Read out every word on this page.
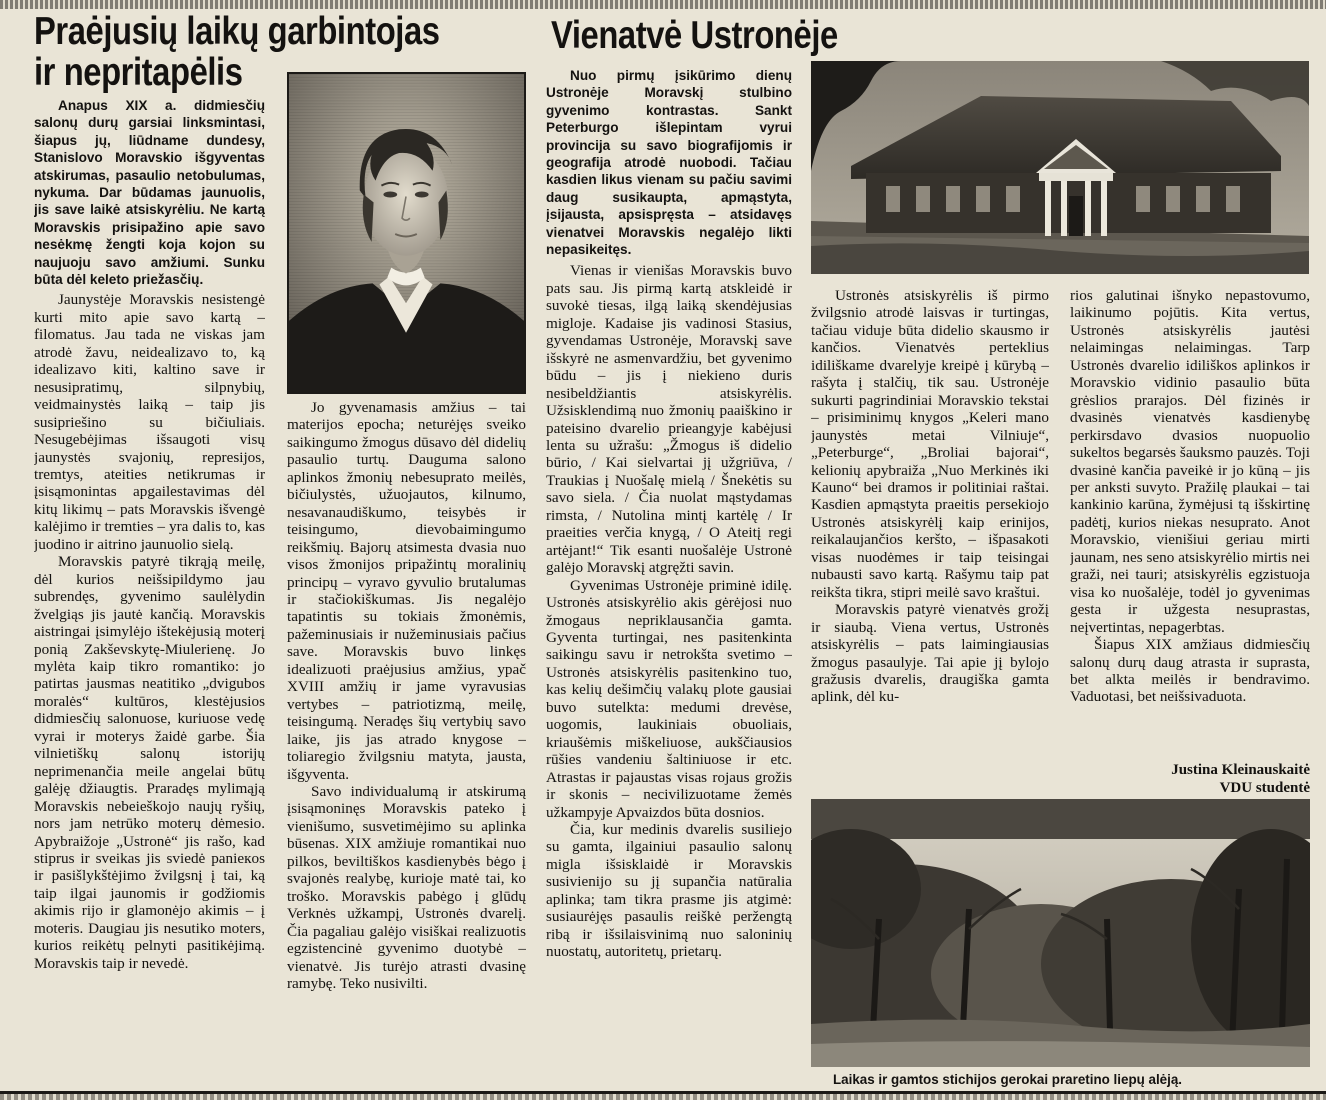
Praėjusių laikų garbintojas
ir nepritapėlis
Vienatvė Ustronėje

Anapus XIX a. didmiesčių salonų durų garsiai linksmintasi, šiapus jų, liūdname dundesy, Stanislovo Moravskio išgyventas atskirumas, pasaulio netobulumas, nykuma. Dar būdamas jaunuolis, jis save laikė atsiskyrėliu. Ne kartą Moravskis prisipažino apie savo nesėkmę žengti koja kojon su naujuoju savo amžiumi. Sunku būta dėl keleto priežasčių.

Jaunystėje Moravskis nesistengė kurti mito apie savo kartą – filomatus. Jau tada ne viskas jam atrodė žavu, neidealizavo to, ką idealizavo kiti, kaltino save ir nesusipratimų, silpnybių, veidmainystės laiką – taip jis susipriešino su bičiuliais. Nesugebėjimas išsaugoti visų jaunystės svajonių, represijos, tremtys, ateities netikrumas ir įsisąmonintas apgailestavimas dėl kitų likimų – pats Moravskis išvengė kalėjimo ir tremties – yra dalis to, kas juodino ir aitrino jaunuolio sielą.

Moravskis patyrė tikrąją meilę, dėl kurios neišsipildymo jau subrendęs, gyvenimo saulėlydin žvelgiąs jis jautė kančią. Moravskis aistringai įsimylėjo ištekėjusią moterį ponią Zakševskytę-Miulerienę. Jo mylėta kaip tikro romantiko: jo patirtas jausmas neatitiko „dvigubos moralės“ kultūros, klestėjusios didmiesčių salonuose, kuriuose vedę vyrai ir moterys žaidė garbe. Šia vilnietiškų salonų istorijų neprimenančia meile angelai būtų galėję džiaugtis. Praradęs mylimąją Moravskis nebeieškojo naujų ryšių, nors jam netrūko moterų dėmesio. Apybraižoje „Ustronė“ jis rašo, kad stiprus ir sveikas jis sviedė panieкos ir pasišlykštėjimo žvilgsnį į tai, ką taip ilgai jaunomis ir godžiomis akimis rijo ir glamonėjo akimis – į moteris. Daugiau jis nesutiko moters, kurios reikėtų pelnyti pasitikėjimą. Moravskis taip ir nevedė.

Jo gyvenamasis amžius – tai materijos epocha; neturėjęs sveiko saikingumo žmogus dūsavo dėl didelių pasaulio turtų. Dauguma salono aplinkos žmonių nebesuprato meilės, bičiulystės, užuojautos, kilnumo, nesavanaudiškumo, teisybės ir teisingumo, dievobaimingumo reikšmių. Bajorų atsimesta dvasia nuo visos žmonijos pripažintų moralinių principų – vyravo gyvulio brutalumas ir stačiokiškumas. Jis negalėjo tapatintis su tokiais žmonėmis, pažeminusiais ir nužeminusiais pačius save. Moravskis buvo linkęs idealizuoti praėjusius amžius, ypač XVIII amžių ir jame vyravusias vertybes – patriotizmą, meilę, teisingumą. Neradęs šių vertybių savo laike, jis jas atrado knygose – toliaregio žvilgsniu matyta, jausta, išgyventa.

Savo individualumą ir atskirumą įsisąmoninęs Moravskis pateko į vienišumo, susvetimėjimo su aplinka būsenas. XIX amžiuje romantikai nuo pilkos, beviltiškos kasdienybės bėgo į svajonės realybę, kurioje matė tai, ko troško. Moravskis pabėgo į glūdų Verknės užkampį, Ustronės dvarelį. Čia pagaliau galėjo visiškai realizuotis egzistencinė gyvenimo duotybė – vienatvė. Jis turėjo atrasti dvasinę ramybę. Teko nusivilti.

Nuo pirmų įsikūrimo dienų Ustronėje Moravskį stulbino gyvenimo kontrastas. Sankt Peterburgo išlepintam vyrui provincija su savo biografijomis ir geografija atrodė nuobodi. Tačiau kasdien likus vienam su pačiu savimi daug susikaupta, apmąstyta, įsijausta, apsispręsta – atsidavęs vienatvei Moravskis negalėjo likti nepasikeitęs.

Vienas ir vienišas Moravskis buvo pats sau. Jis pirmą kartą atskleidė ir suvokė tiesas, ilgą laiką skendėjusias migloje. Kadaise jis vadinosi Stasius, gyvendamas Ustronėje, Moravskį save išskyrė ne asmenvardžiu, bet gyvenimo būdu – jis į niekieno duris nesibeldžiantis atsiskyrėlis. Užsisklendimą nuo žmonių paaiškino ir patеisino dvarelio prieangyje kabėjusi lenta su užrašu: „Žmogus iš didelio būrio, / Kai sielvartai jį užgriūva, / Traukias į Nuošalę mielą / Šnekėtis su savo siela. / Čia nuolat mąstydamas rimsta, / Nutolina mintį kartėlę / Ir praeities verčia knygą, / O Ateitį regi artėjant!“ Tik esanti nuošalėje Ustronė galėjo Moravskį atgręžti savin.

Gyvenimas Ustronėje priminė idilę. Ustronės atsiskyrėlio akis gėrėjosi nuo žmogaus nepriklausančia gamta. Gyventa turtingai, nes pasitenkinta saikingu savu ir netrokšta svetimo – Ustronės atsiskyrėlis pasitenkino tuo, kas kelių dešimčių valakų plote gausiai buvo sutelkta: medumi drevėse, uogomis, laukiniais obuoliais, kriaušėmis miškeliuose, aukščiausios rūšies vandeniu šaltiniuose ir etc. Atrastas ir pajaustas visas rojaus grožis ir skonis – necivilizuotame žemės užkampyje Apvaizdos būta dosnios.

Čia, kur medinis dvarelis susiliejo su gamta, ilgainiui pasaulio salonų migla išsisklaidė ir Moravskis susivienijo su jį supančia natūralia aplinka; tam tikra prasme jis atgimė: susiaurėjęs pasaulis reiškė peržengtą ribą ir išsilaisvinimą nuo saloninių nuostatų, autoritetų, prietarų.

Ustronės atsiskyrėlis iš pirmo žvilgsnio atrodė laisvas ir turtingas, tačiau viduje būta didelio skausmo ir kančios. Vienatvės perteklius idiliškame dvarelyje kreipė į kūrybą – rašyta į stalčių, tik sau. Ustronėje sukurti pagrindiniai Moravskio tekstai – prisiminimų knygos „Keleri mano jaunystės metai Vilniuje“, „Peterburge“, „Broliai bajorai“, kelionių apybraiža „Nuo Merkinės iki Kauno“ bei dramos ir politiniai raštai. Kasdien apmąstyta praeitis persekiojo Ustronės atsiskyrėlį kaip erinijos, reikalaujančios keršto, – išpasakoti visas nuodėmes ir taip teisingai nubausti savo kartą. Rašymu taip pat reikšta tikra, stipri meilė savo kraštui.

Moravskis patyrė vienatvės grožį ir siaubą. Viena vertus, Ustronės atsiskyrėlis – pats laimingiausias žmogus pasaulyje. Tai apie jį bylojo gražusis dvarelis, draugiška gamta aplink, dėl ku-

rios galutinai išnyko nepastovumo, laikinumo pojūtis. Kita vertus, Ustronės atsiskyrėlis jautėsi nelaimingas nelaimingas. Tarp Ustronės dvarelio idiliškos aplinkos ir Moravskio vidinio pasaulio būta grėslios prarajos. Dėl fizinės ir dvasinės vienatvės kasdienybę perkirsdavo dvasios nuopuolio sukeltos begarsės šauksmo pauzės. Toji dvasinė kančia paveikė ir jo kūną – jis per anksti suvyto. Pražilę plaukai – tai kankinio karūna, žymėjusi tą išskirtinę padėtį, kurios niekas nesuprato. Anot Moravskio, vienišiui geriau mirti jaunam, nes seno atsiskyrėlio mirtis nei graži, nei tauri; atsiskyrėlis egzistuoja visa ko nuošalėje, todėl jo gyvenimas gesta ir užgesta nesuprastas, neįvertintas, nepagerbtas.

Šiapus XIX amžiaus didmiesčių salonų durų daug atrasta ir suprasta, bet alkta meilės ir bendravimo. Vaduotasi, bet neišsivaduota.

Justina Kleinauskaitė
VDU studentė
Laikas ir gamtos stichijos gerokai praretino liepų alėją.
